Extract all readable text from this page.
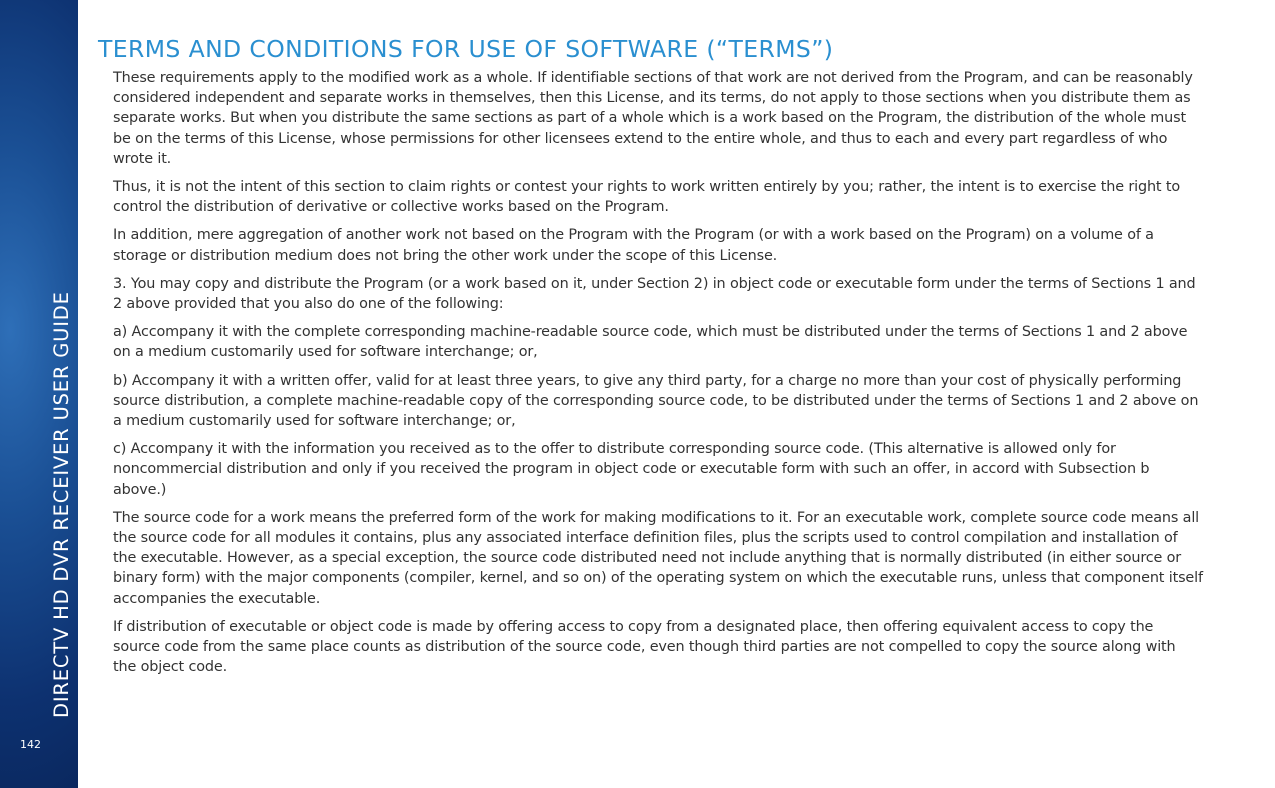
DIRECTV HD DVR RECEIVER USER GUIDE
142
TERMS AND CONDITIONS FOR USE OF SOFTWARE (“TERMS”)

These requirements apply to the modified work as a whole. If identifiable sections of that work are not derived from the Program, and can be reasonably considered independent and separate works in themselves, then this License, and its terms, do not apply to those sections when you distribute them as separate works. But when you distribute the same sections as part of a whole which is a work based on the Program, the distribution of the whole must be on the terms of this License, whose permissions for other licensees extend to the entire whole, and thus to each and every part regardless of who wrote it.

Thus, it is not the intent of this section to claim rights or contest your rights to work written entirely by you; rather, the intent is to exercise the right to control the distribution of derivative or collective works based on the Program.

In addition, mere aggregation of another work not based on the Program with the Program (or with a work based on the Program) on a volume of a storage or distribution medium does not bring the other work under the scope of this License.

3. You may copy and distribute the Program (or a work based on it, under Section 2) in object code or executable form under the terms of Sections 1 and 2 above provided that you also do one of the following:

a) Accompany it with the complete corresponding machine-readable source code, which must be distributed under the terms of Sections 1 and 2 above on a medium customarily used for software interchange; or,

b) Accompany it with a written offer, valid for at least three years, to give any third party, for a charge no more than your cost of physically performing source distribution, a complete machine-readable copy of the corresponding source code, to be distributed under the terms of Sections 1 and 2 above on a medium customarily used for software interchange; or,

c) Accompany it with the information you received as to the offer to distribute corresponding source code. (This alternative is allowed only for noncommercial distribution and only if you received the program in object code or executable form with such an offer, in accord with Subsection b above.)

The source code for a work means the preferred form of the work for making modifications to it. For an executable work, complete source code means all the source code for all modules it contains, plus any associated interface definition files, plus the scripts used to control compilation and installation of the executable. However, as a special exception, the source code distributed need not include anything that is normally distributed (in either source or binary form) with the major components (compiler, kernel, and so on) of the operating system on which the executable runs, unless that component itself accompanies the executable.

If distribution of executable or object code is made by offering access to copy from a designated place, then offering equivalent access to copy the source code from the same place counts as distribution of the source code, even though third parties are not compelled to copy the source along with the object code.
